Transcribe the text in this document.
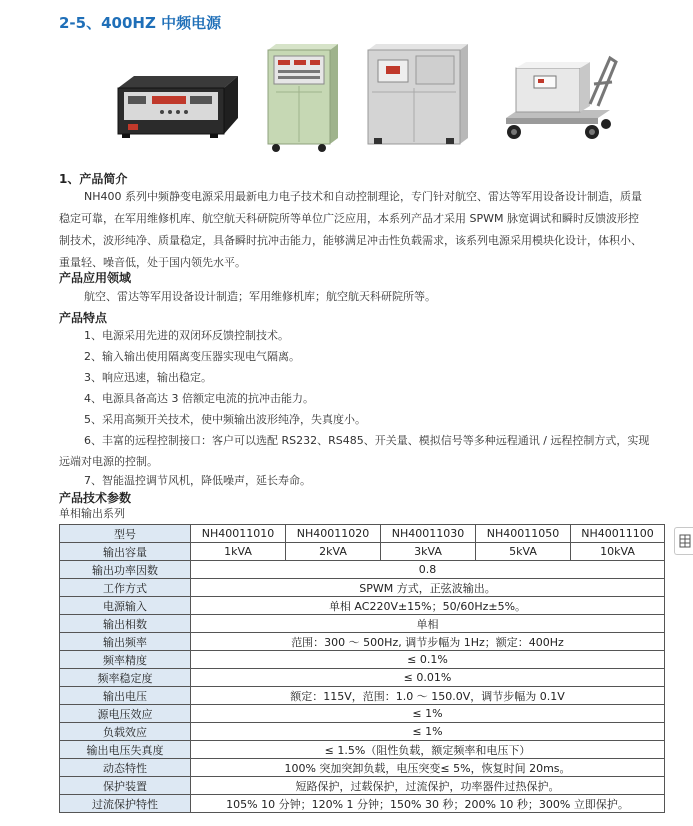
2-5、400HZ 中频电源
1、产品简介
NH400 系列中频静变电源采用最新电力电子技术和自动控制理论，专门针对航空、雷达等军用设备设计制造，质量
稳定可靠，在军用维修机库、航空航天科研院所等单位广泛应用，本系列产品才采用 SPWM 脉宽调试和瞬时反馈波形控
制技术，波形纯净、质量稳定，具备瞬时抗冲击能力，能够满足冲击性负载需求，该系列电源采用模块化设计，体积小、
重量轻、噪音低，处于国内领先水平。
产品应用领域
航空、雷达等军用设备设计制造；军用维修机库；航空航天科研院所等。
产品特点
1、电源采用先进的双闭环反馈控制技术。
2、输入输出使用隔离变压器实现电气隔离。
3、响应迅速，输出稳定。
4、电源具备高达 3 倍额定电流的抗冲击能力。
5、采用高频开关技术，使中频输出波形纯净，失真度小。
6、丰富的远程控制接口：客户可以选配 RS232、RS485、开关量、模拟信号等多种远程通讯 / 远程控制方式，实现
远端对电源的控制。
7、智能温控调节风机，降低噪声，延长寿命。
产品技术参数
单相输出系列
型号	NH40011010	NH40011020	NH40011030	NH40011050	NH40011100
输出容量	1kVA	2kVA	3kVA	5kVA	10kVA
输出功率因数	0.8				
工作方式	SPWM 方式，正弦波输出。				
电源输入	单相 AC220V±15%；50/60Hz±5%。				
输出相数	单相				
输出频率	范围：300 ～ 500Hz, 调节步幅为 1Hz；额定：400Hz				
频率精度	≤ 0.1%				
频率稳定度	≤ 0.01%				
输出电压	额定：115V，范围：1.0 ～ 150.0V，调节步幅为 0.1V				
源电压效应	≤ 1%				
负载效应	≤ 1%				
输出电压失真度	≤ 1.5%（阻性负载，额定频率和电压下）				
动态特性	100% 突加突卸负载，电压突变≤ 5%，恢复时间 20ms。				
保护装置	短路保护，过载保护，过流保护，功率器件过热保护。				
过流保护特性	105% 10 分钟；120% 1 分钟；150% 30 秒；200% 10 秒；300% 立即保护。				
